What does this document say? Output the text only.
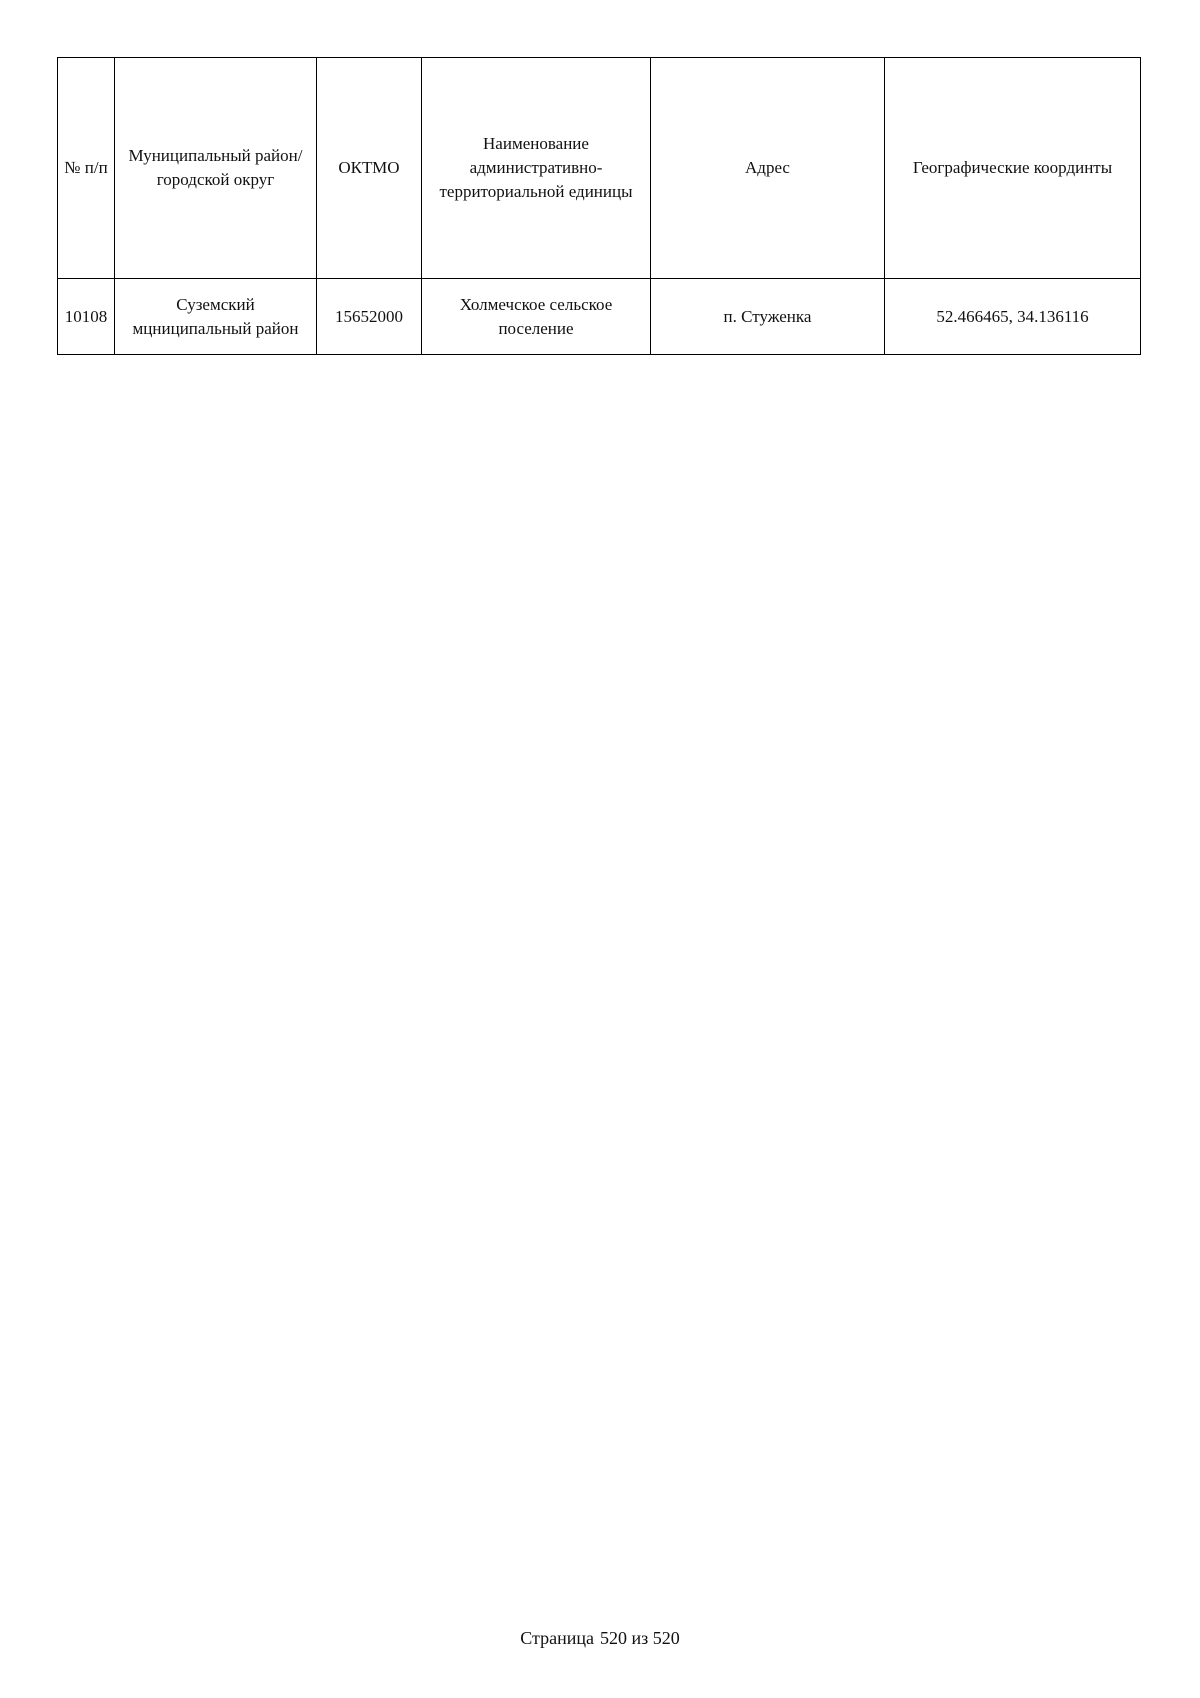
№ п/п	Муниципальный район/городской округ	ОКТМО	Наименование административно-территориальной единицы	Адрес	Географические координты
10108	Суземский мцниципальный район	15652000	Холмечское сельское поселение	п. Стуженка	52.466465, 34.136116
Страница 520 из 520
